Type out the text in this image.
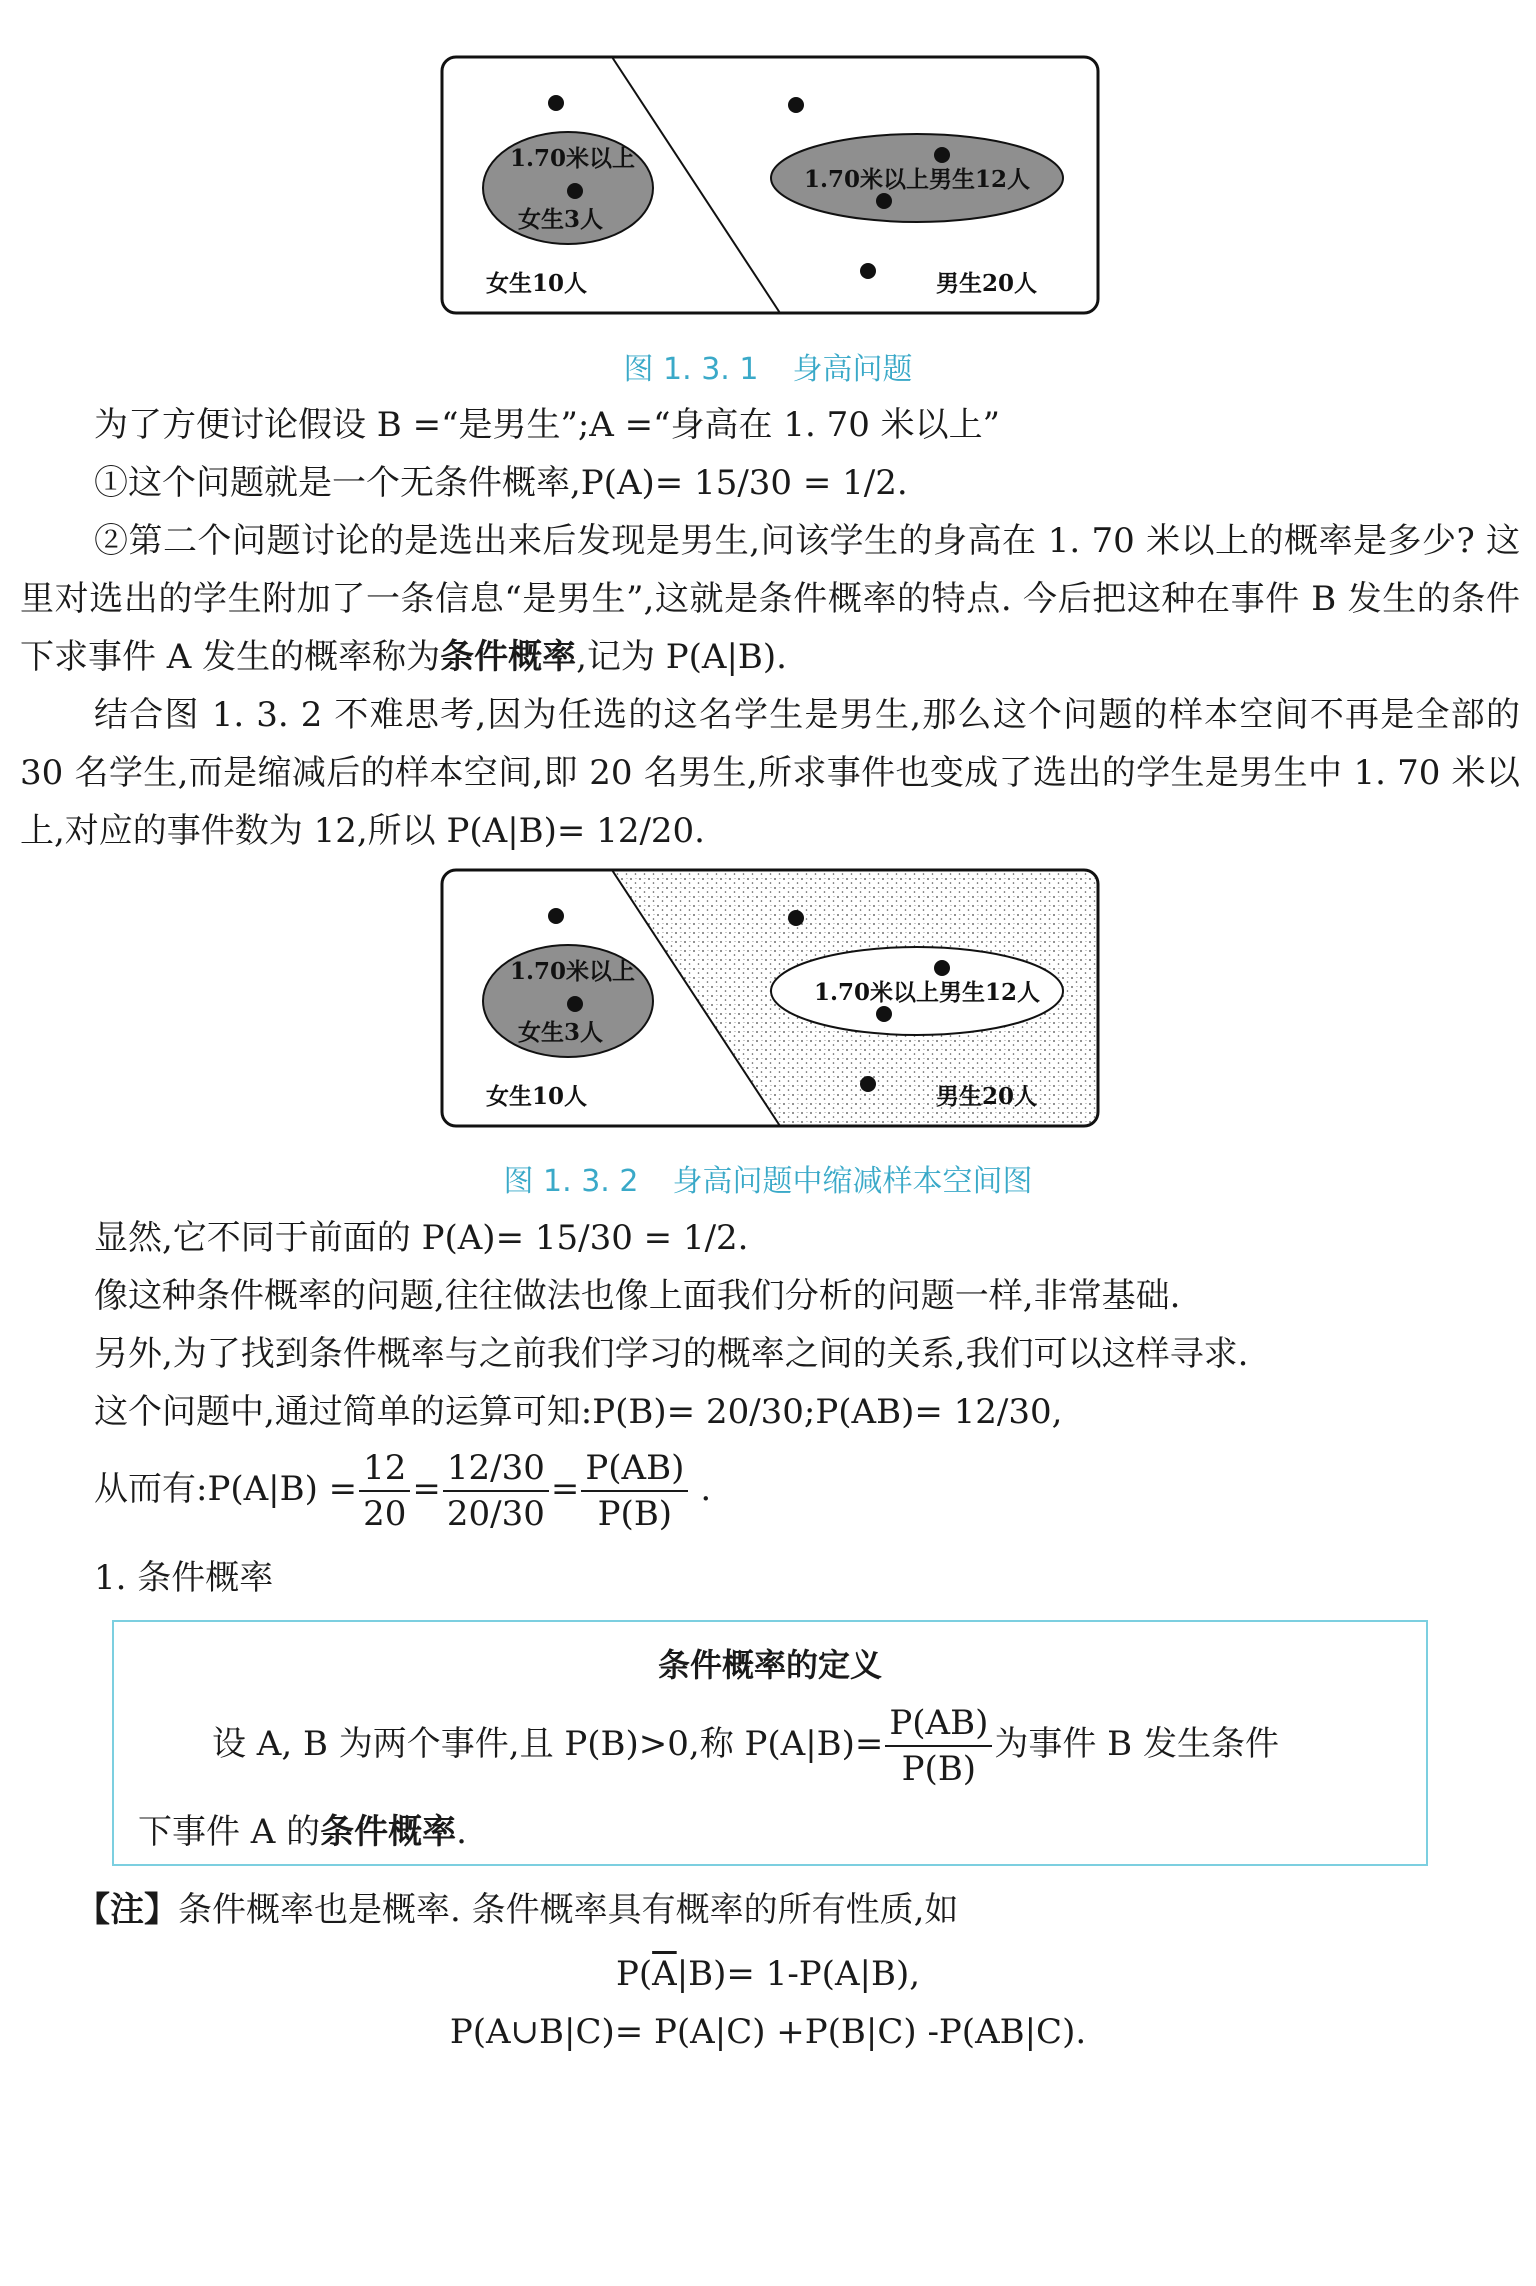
1.70米以上
女生3人
1.70米以上男生12人
女生10人	男生20人
图 1. 3. 1 身高问题
为了方便讨论假设 B =“是男生”;A =“身高在 1. 70 米以上”
①这个问题就是一个无条件概率,P(A)= 15/30 = 1/2.
②第二个问题讨论的是选出来后发现是男生,问该学生的身高在 1. 70 米以上的概率是多少? 这里对选出的学生附加了一条信息“是男生”,这就是条件概率的特点. 今后把这种在事件 B 发生的条件下求事件 A 发生的概率称为条件概率,记为 P(A|B).
结合图 1. 3. 2 不难思考,因为任选的这名学生是男生,那么这个问题的样本空间不再是全部的 30 名学生,而是缩减后的样本空间,即 20 名男生,所求事件也变成了选出的学生是男生中 1. 70 米以上,对应的事件数为 12,所以 P(A|B)= 12/20.
1.70米以上
女生3人
1.70米以上男生12人
女生10人	男生20人
图 1. 3. 2 身高问题中缩减样本空间图
显然,它不同于前面的 P(A)= 15/30 = 1/2.
像这种条件概率的问题,往往做法也像上面我们分析的问题一样,非常基础.
另外,为了找到条件概率与之前我们学习的概率之间的关系,我们可以这样寻求.
这个问题中,通过简单的运算可知:P(B)= 20/30;P(AB)= 12/30,
从而有:P(A|B) = $\frac{12}{20} = \frac{12/30}{20/30} = \frac{P(AB)}{P(B)}$ .
1. 条件概率
条件概率的定义
设 A, B 为两个事件,且 P(B)>0,称 $P(A|B)= \frac{P(AB)}{P(B)}$ 为事件 B 发生条件
下事件 A 的条件概率.
【注】条件概率也是概率. 条件概率具有概率的所有性质,如
$P(\overline{A}|B)= 1-P(A|B)$,
P(A∪B|C)= P(A|C) +P(B|C) -P(AB|C).
